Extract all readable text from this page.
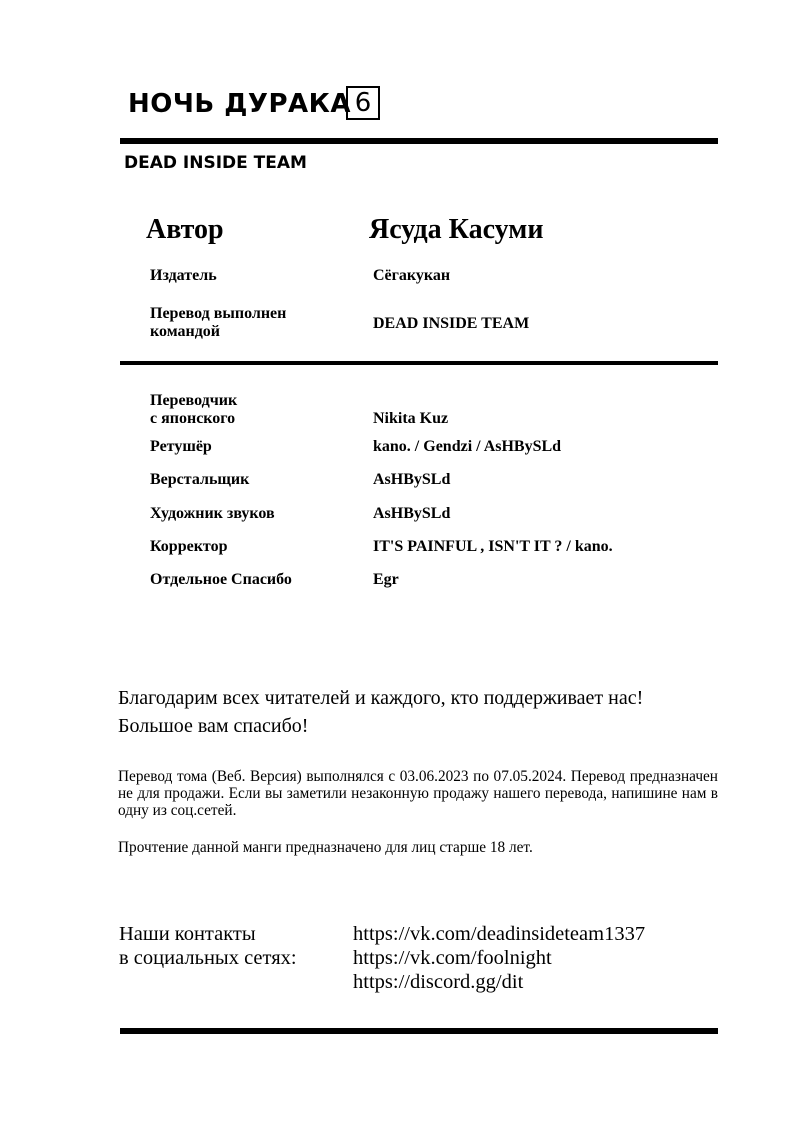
НОЧЬ ДУРАКА 6
DEAD INSIDE TEAM
Автор	Ясуда Касуми
Издатель	Сёгакукан
Перевод выполнен
командой	DEAD INSIDE TEAM
Переводчик
с японского	Nikita Kuz
Ретушёр	kano. / Gendzi / AsHBySLd
Верстальщик	AsHBySLd
Художник звуков	AsHBySLd
Корректор	IT'S PAINFUL , ISN'T IT ? / kano.
Отдельное Спасибо	Egr
Благодарим всех читателей и каждого, кто поддерживает нас!
Большое вам спасибо!
Перевод тома (Веб. Версия) выполнялся с 03.06.2023 по 07.05.2024. Перевод предназначен не для продажи. Если вы заметили незаконную продажу нашего перевода, напишине нам в одну из соц.сетей.
Прочтение данной манги предназначено для лиц старше 18 лет.
Наши контакты
в социальных сетях:
https://vk.com/deadinsideteam1337
https://vk.com/foolnight
https://discord.gg/dit
